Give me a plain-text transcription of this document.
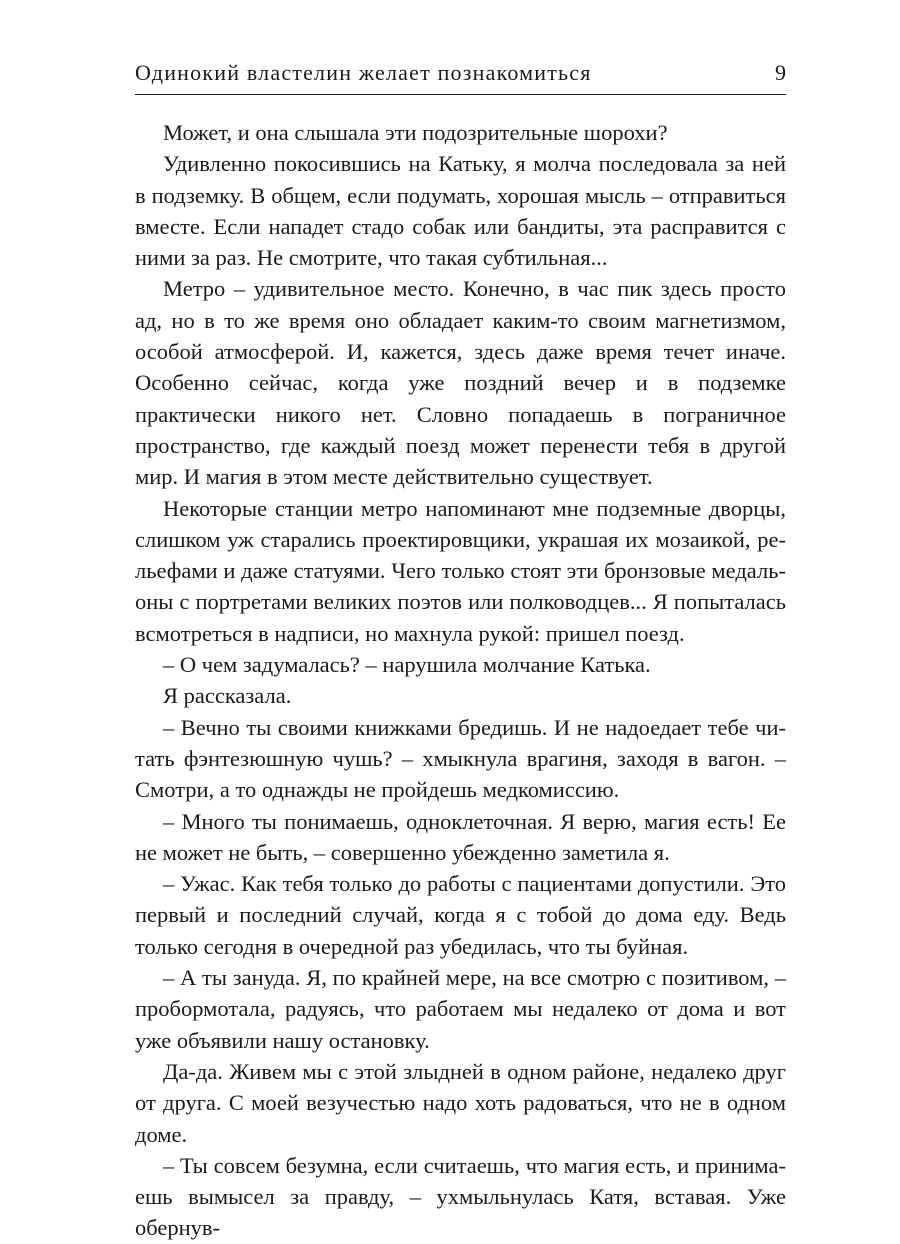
Одинокий властелин желает познакомиться	9

Может, и она слышала эти подозрительные шорохи?

Удивленно покосившись на Катьку, я молча последовала за ней в подземку. В общем, если подумать, хорошая мысль – отправиться вместе. Если нападет стадо собак или бандиты, эта расправится с ними за раз. Не смотрите, что такая субтильная...

Метро – удивительное место. Конечно, в час пик здесь просто ад, но в то же время оно обладает каким-то своим магнетизмом, особой атмосферой. И, кажется, здесь даже время течет иначе. Особенно сейчас, когда уже поздний вечер и в подземке практически никого нет. Словно попадаешь в пограничное пространство, где каждый поезд может перенести тебя в другой мир. И магия в этом месте действительно существует.

Некоторые станции метро напоминают мне подземные дворцы, слишком уж старались проектировщики, украшая их мозаикой, рельефами и даже статуями. Чего только стоят эти бронзовые медальоны с портретами великих поэтов или полководцев... Я попыталась всмотреться в надписи, но махнула рукой: пришел поезд.

– О чем задумалась? – нарушила молчание Катька.

Я рассказала.

– Вечно ты своими книжками бредишь. И не надоедает тебе читать фэнтезюшную чушь? – хмыкнула врагиня, заходя в вагон. – Смотри, а то однажды не пройдешь медкомиссию.

– Много ты понимаешь, одноклеточная. Я верю, магия есть! Ее не может не быть, – совершенно убежденно заметила я.

– Ужас. Как тебя только до работы с пациентами допустили. Это первый и последний случай, когда я с тобой до дома еду. Ведь только сегодня в очередной раз убедилась, что ты буйная.

– А ты зануда. Я, по крайней мере, на все смотрю с позитивом, – пробормотала, радуясь, что работаем мы недалеко от дома и вот уже объявили нашу остановку.

Да-да. Живем мы с этой злыдней в одном районе, недалеко друг от друга. С моей везучестью надо хоть радоваться, что не в одном доме.

– Ты совсем безумна, если считаешь, что магия есть, и принимаешь вымысел за правду, – ухмыльнулась Катя, вставая. Уже обернув-
